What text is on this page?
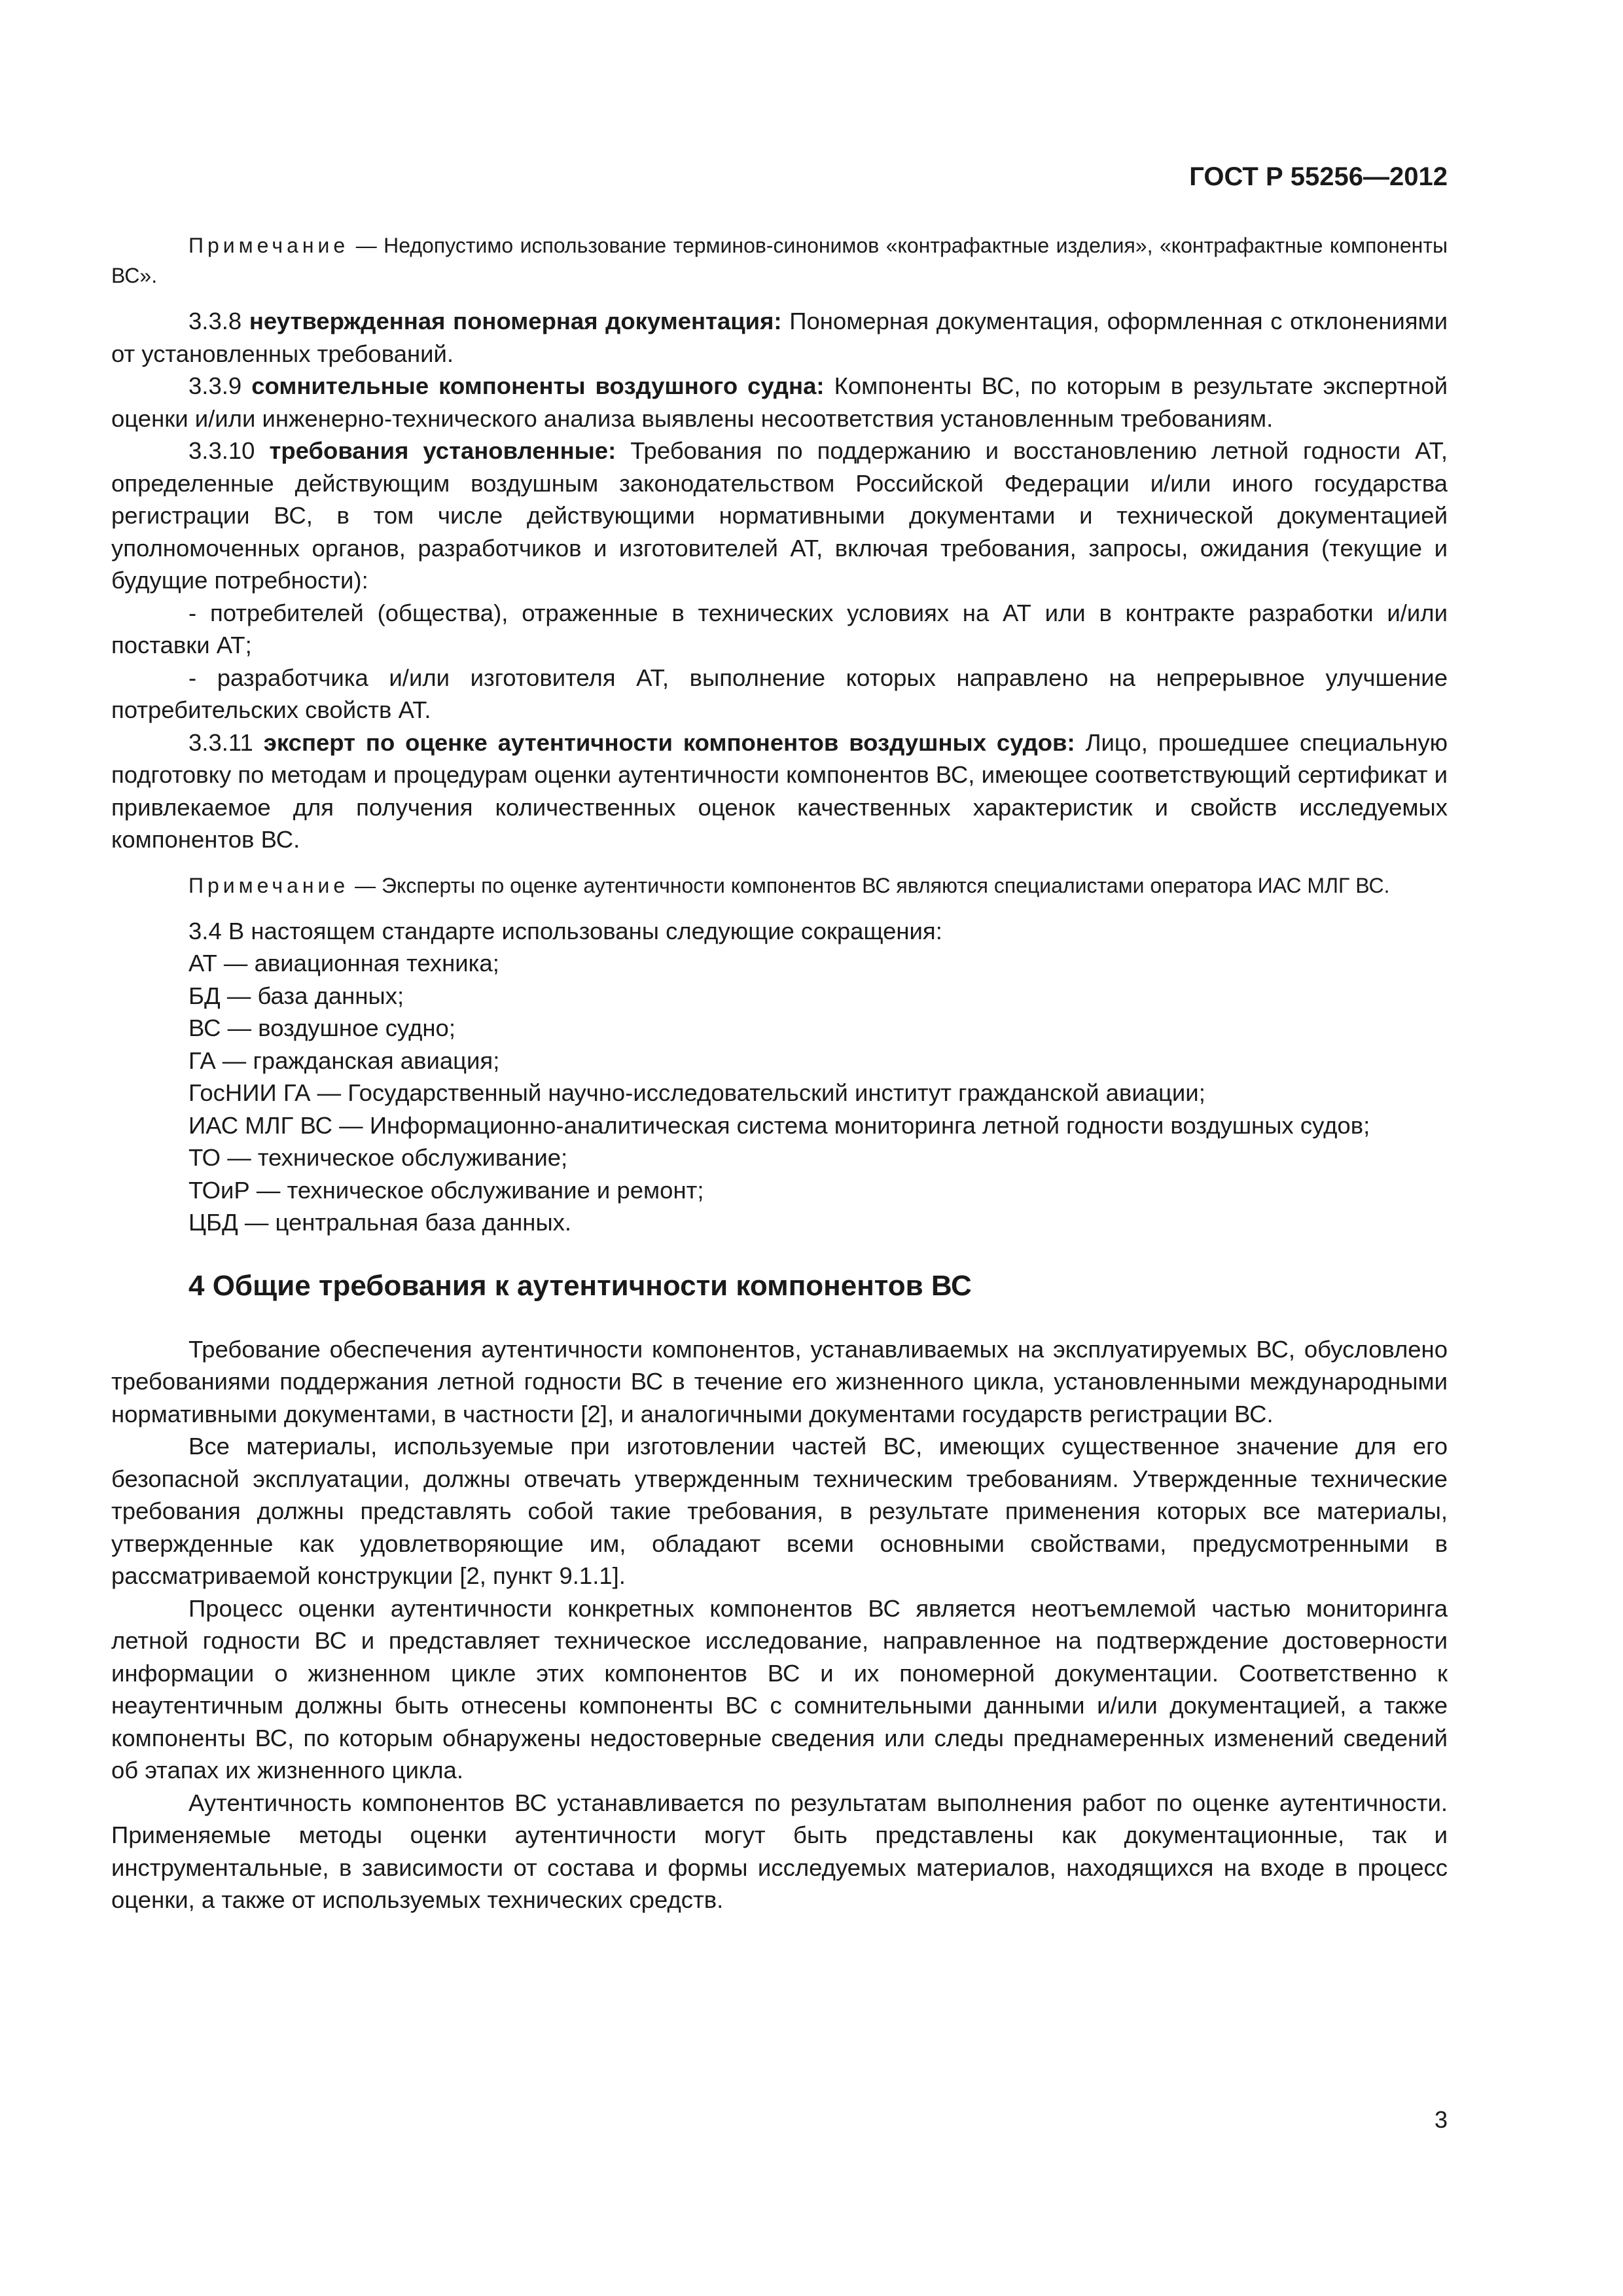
ГОСТ Р 55256—2012

Примечание — Недопустимо использование терминов-синонимов «контрафактные изделия», «контрафактные компоненты ВС».

3.3.8 неутвержденная пономерная документация: Пономерная документация, оформленная с отклонениями от установленных требований.

3.3.9 сомнительные компоненты воздушного судна: Компоненты ВС, по которым в результате экспертной оценки и/или инженерно-технического анализа выявлены несоответствия установленным требованиям.

3.3.10 требования установленные: Требования по поддержанию и восстановлению летной годности АТ, определенные действующим воздушным законодательством Российской Федерации и/или иного государства регистрации ВС, в том числе действующими нормативными документами и технической документацией уполномоченных органов, разработчиков и изготовителей АТ, включая требования, запросы, ожидания (текущие и будущие потребности):

- потребителей (общества), отраженные в технических условиях на АТ или в контракте разработки и/или поставки АТ;

- разработчика и/или изготовителя АТ, выполнение которых направлено на непрерывное улучшение потребительских свойств АТ.

3.3.11 эксперт по оценке аутентичности компонентов воздушных судов: Лицо, прошедшее специальную подготовку по методам и процедурам оценки аутентичности компонентов ВС, имеющее соответствующий сертификат и привлекаемое для получения количественных оценок качественных характеристик и свойств исследуемых компонентов ВС.

Примечание — Эксперты по оценке аутентичности компонентов ВС являются специалистами оператора ИАС МЛГ ВС.

3.4 В настоящем стандарте использованы следующие сокращения:

АТ — авиационная техника;

БД — база данных;

ВС — воздушное судно;

ГА — гражданская авиация;

ГосНИИ ГА — Государственный научно-исследовательский институт гражданской авиации;

ИАС МЛГ ВС — Информационно-аналитическая система мониторинга летной годности воздушных судов;

ТО — техническое обслуживание;

ТОиР — техническое обслуживание и ремонт;

ЦБД — центральная база данных.

4 Общие требования к аутентичности компонентов ВС

Требование обеспечения аутентичности компонентов, устанавливаемых на эксплуатируемых ВС, обусловлено требованиями поддержания летной годности ВС в течение его жизненного цикла, установленными международными нормативными документами, в частности [2], и аналогичными документами государств регистрации ВС.

Все материалы, используемые при изготовлении частей ВС, имеющих существенное значение для его безопасной эксплуатации, должны отвечать утвержденным техническим требованиям. Утвержденные технические требования должны представлять собой такие требования, в результате применения которых все материалы, утвержденные как удовлетворяющие им, обладают всеми основными свойствами, предусмотренными в рассматриваемой конструкции [2, пункт 9.1.1].

Процесс оценки аутентичности конкретных компонентов ВС является неотъемлемой частью мониторинга летной годности ВС и представляет техническое исследование, направленное на подтверждение достоверности информации о жизненном цикле этих компонентов ВС и их пономерной документации. Соответственно к неаутентичным должны быть отнесены компоненты ВС с сомнительными данными и/или документацией, а также компоненты ВС, по которым обнаружены недостоверные сведения или следы преднамеренных изменений сведений об этапах их жизненного цикла.

Аутентичность компонентов ВС устанавливается по результатам выполнения работ по оценке аутентичности. Применяемые методы оценки аутентичности могут быть представлены как документационные, так и инструментальные, в зависимости от состава и формы исследуемых материалов, находящихся на входе в процесс оценки, а также от используемых технических средств.

3
